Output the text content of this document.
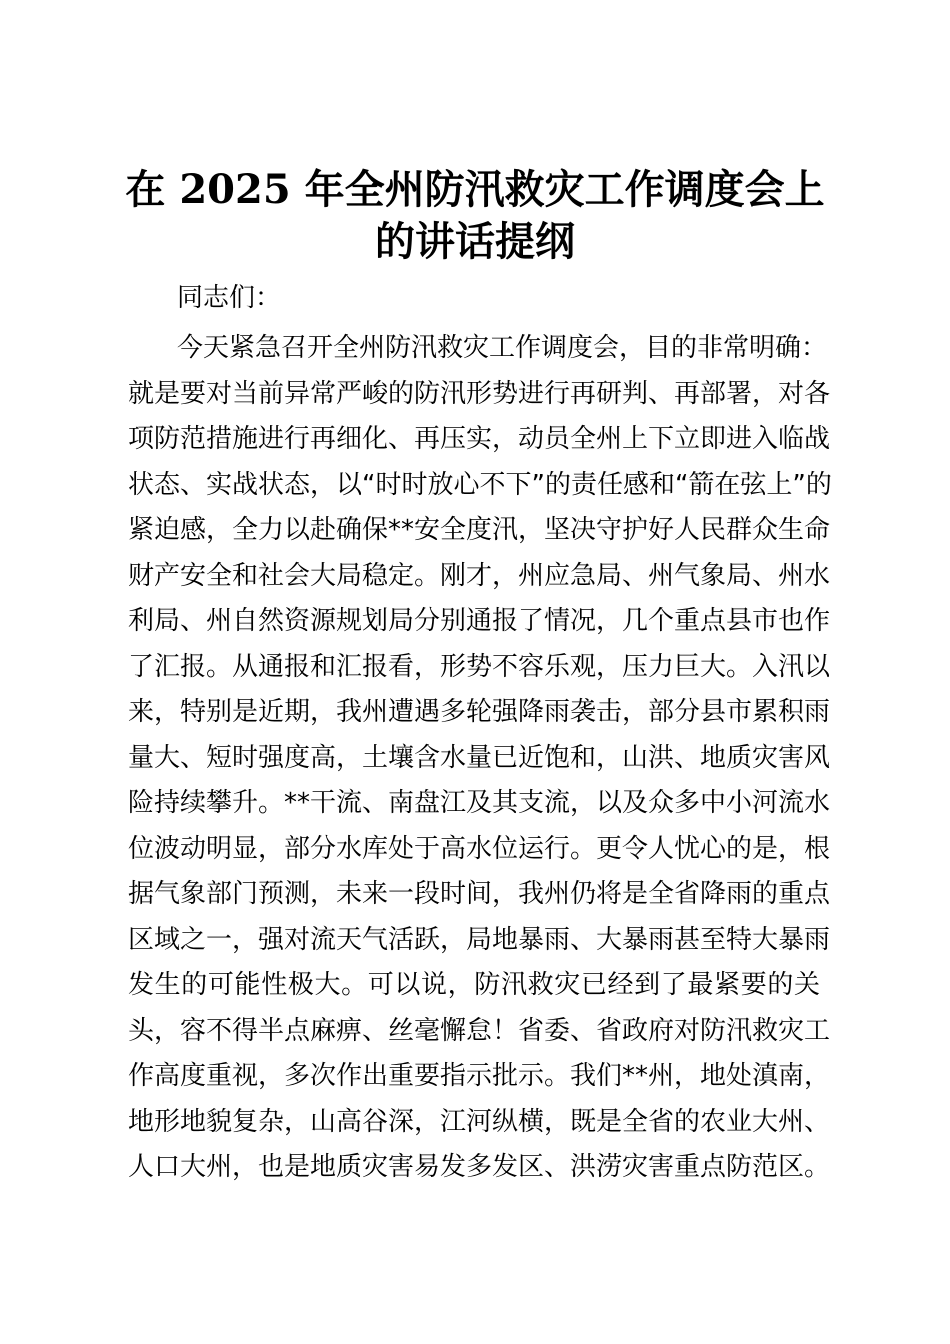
在 2025 年全州防汛救灾工作调度会上
的讲话提纲

同志们：

今天紧急召开全州防汛救灾工作调度会，目的非常明确：
就是要对当前异常严峻的防汛形势进行再研判、再部署，对各
项防范措施进行再细化、再压实，动员全州上下立即进入临战
状态、实战状态，以“时时放心不下”的责任感和“箭在弦上”的
紧迫感，全力以赴确保**安全度汛，坚决守护好人民群众生命
财产安全和社会大局稳定。刚才，州应急局、州气象局、州水
利局、州自然资源规划局分别通报了情况，几个重点县市也作
了汇报。从通报和汇报看，形势不容乐观，压力巨大。入汛以
来，特别是近期，我州遭遇多轮强降雨袭击，部分县市累积雨
量大、短时强度高，土壤含水量已近饱和，山洪、地质灾害风
险持续攀升。**干流、南盘江及其支流，以及众多中小河流水
位波动明显，部分水库处于高水位运行。更令人忧心的是，根
据气象部门预测，未来一段时间，我州仍将是全省降雨的重点
区域之一，强对流天气活跃，局地暴雨、大暴雨甚至特大暴雨
发生的可能性极大。可以说，防汛救灾已经到了最紧要的关
头，容不得半点麻痹、丝毫懈怠！省委、省政府对防汛救灾工
作高度重视，多次作出重要指示批示。我们**州，地处滇南，
地形地貌复杂，山高谷深，江河纵横，既是全省的农业大州、
人口大州，也是地质灾害易发多发区、洪涝灾害重点防范区。
